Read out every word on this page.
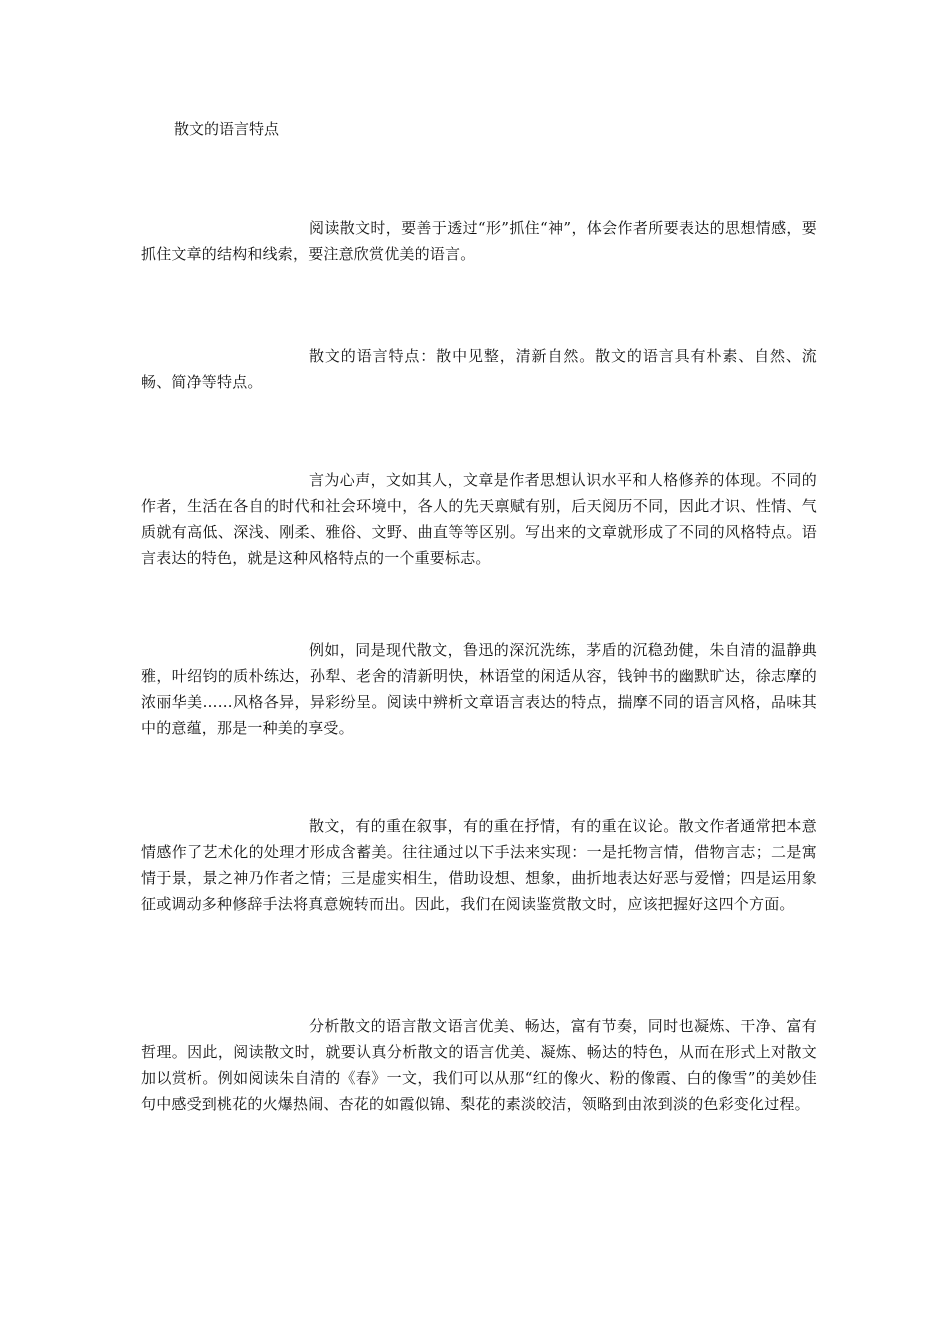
散文的语言特点

阅读散文时，要善于透过“形”抓住“神”，体会作者所要表达的思想情感，要抓住文章的结构和线索，要注意欣赏优美的语言。

散文的语言特点：散中见整，清新自然。散文的语言具有朴素、自然、流畅、简净等特点。

言为心声，文如其人，文章是作者思想认识水平和人格修养的体现。不同的作者，生活在各自的时代和社会环境中，各人的先天禀赋有别，后天阅历不同，因此才识、性情、气质就有高低、深浅、刚柔、雅俗、文野、曲直等等区别。写出来的文章就形成了不同的风格特点。语言表达的特色，就是这种风格特点的一个重要标志。

例如，同是现代散文，鲁迅的深沉洗练，茅盾的沉稳劲健，朱自清的温静典雅，叶绍钧的质朴练达，孙犁、老舍的清新明快，林语堂的闲适从容，钱钟书的幽默旷达，徐志摩的浓丽华美……风格各异，异彩纷呈。阅读中辨析文章语言表达的特点，揣摩不同的语言风格，品味其中的意蕴，那是一种美的享受。

散文，有的重在叙事，有的重在抒情，有的重在议论。散文作者通常把本意情感作了艺术化的处理才形成含蓄美。往往通过以下手法来实现：一是托物言情，借物言志；二是寓情于景，景之神乃作者之情；三是虚实相生，借助设想、想象，曲折地表达好恶与爱憎；四是运用象征或调动多种修辞手法将真意婉转而出。因此，我们在阅读鉴赏散文时，应该把握好这四个方面。

分析散文的语言散文语言优美、畅达，富有节奏，同时也凝炼、干净、富有哲理。因此，阅读散文时，就要认真分析散文的语言优美、凝炼、畅达的特色，从而在形式上对散文加以赏析。例如阅读朱自清的《春》一文，我们可以从那“红的像火、粉的像霞、白的像雪”的美妙佳句中感受到桃花的火爆热闹、杏花的如霞似锦、梨花的素淡皎洁，领略到由浓到淡的色彩变化过程。
